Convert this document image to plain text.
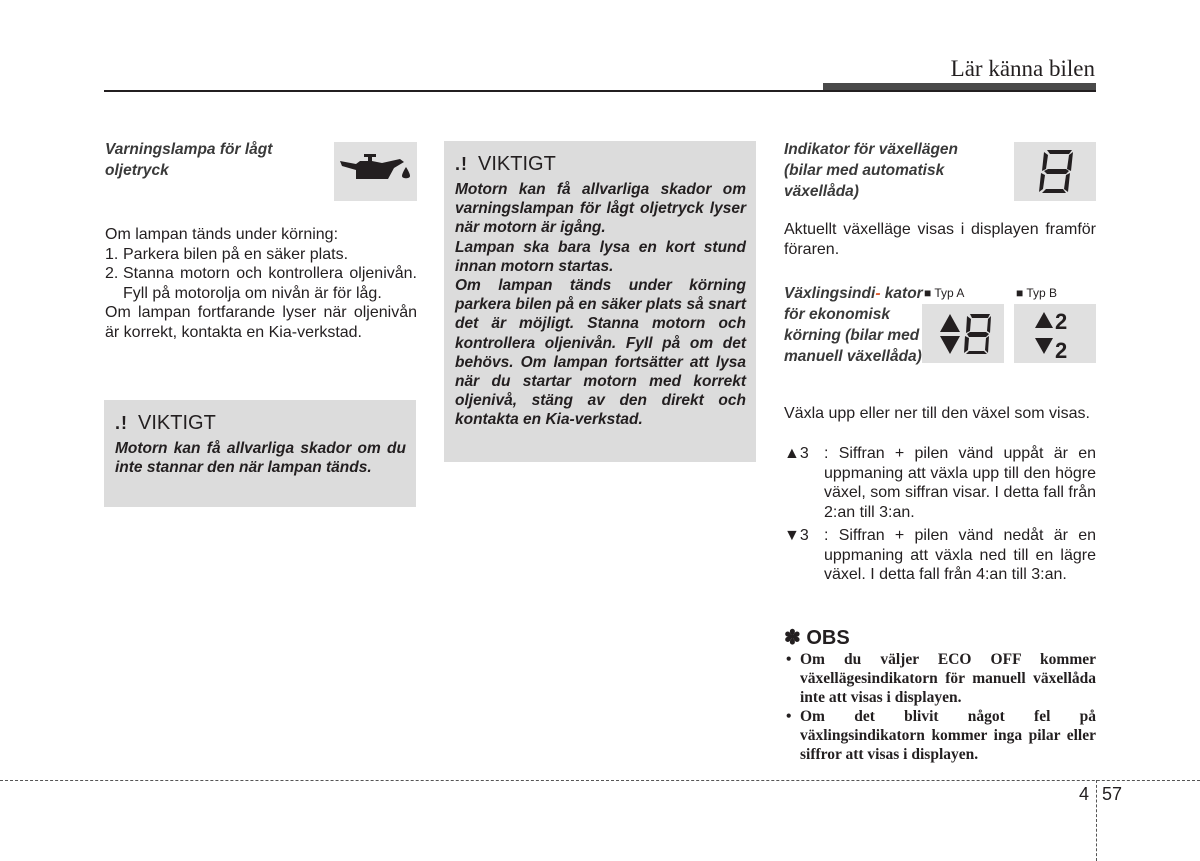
Lär känna bilen

Varningslampa för lågt oljetryck

Om lampan tänds under körning:

1. Parkera bilen på en säker plats.
2. Stanna motorn och kontrollera oljenivån. Fyll på motorolja om nivån är för låg.

Om lampan fortfarande lyser när oljenivån är korrekt, kontakta en Kia-verkstad.

.! VIKTIGT

Motorn kan få allvarliga skador om du inte stannar den när lampan tänds.

.! VIKTIGT

Motorn kan få allvarliga skador om varningslampan för lågt oljetryck lyser när motorn är igång.

Lampan ska bara lysa en kort stund innan motorn startas.

Om lampan tänds under körning parkera bilen på en säker plats så snart det är möjligt. Stanna motorn och kontrollera oljenivån. Fyll på om det behövs. Om lampan fortsätter att lysa när du startar motorn med korrekt oljenivå, stäng av den direkt och kontakta en Kia-verkstad.

Indikator för växellägen (bilar med automatisk växellåda)

Aktuellt växelläge visas i displayen framför föraren.

Växlingsindi- kator för ekonomisk körning (bilar med manuell växellåda)

■ Typ A	■ Typ B
2
2

Växla upp eller ner till den växel som visas.

▲3 : Siffran + pilen vänd uppåt är en uppmaning att växla upp till den högre växel, som siffran visar. I detta fall från 2:an till 3:an.
▼3 : Siffran + pilen vänd nedåt är en uppmaning att växla ned till en lägre växel. I detta fall från 4:an till 3:an.
✽ OBS
• Om du väljer ECO OFF kommer växellägesindikatorn för manuell växellåda inte att visas i displayen.
• Om det blivit något fel på växlingsindikatorn kommer inga pilar eller siffror att visas i displayen.
4 57
